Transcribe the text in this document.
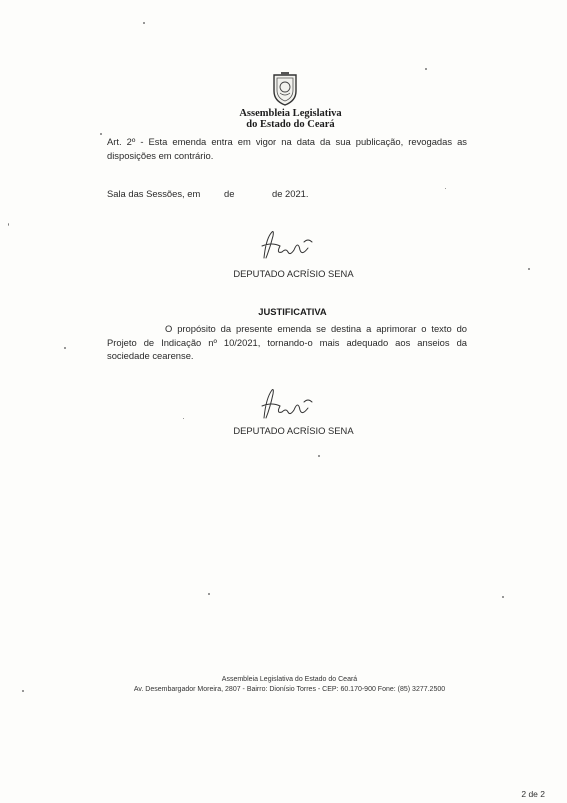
Assembleia Legislativa
do Estado do Ceará
Art. 2º - Esta emenda entra em vigor na data da sua publicação, revogadas as disposições em contrário.
Sala das Sessões, em	de	de 2021.
DEPUTADO ACRÍSIO SENA
JUSTIFICATIVA
O propósito da presente emenda se destina a aprimorar o texto do Projeto de Indicação nº 10/2021, tornando-o mais adequado aos anseios da sociedade cearense.
DEPUTADO ACRÍSIO SENA
Assembleia Legislativa do Estado do Ceará
Av. Desembargador Moreira, 2807 - Bairro: Dionísio Torres - CEP: 60.170-900 Fone: (85) 3277.2500
2 de 2
